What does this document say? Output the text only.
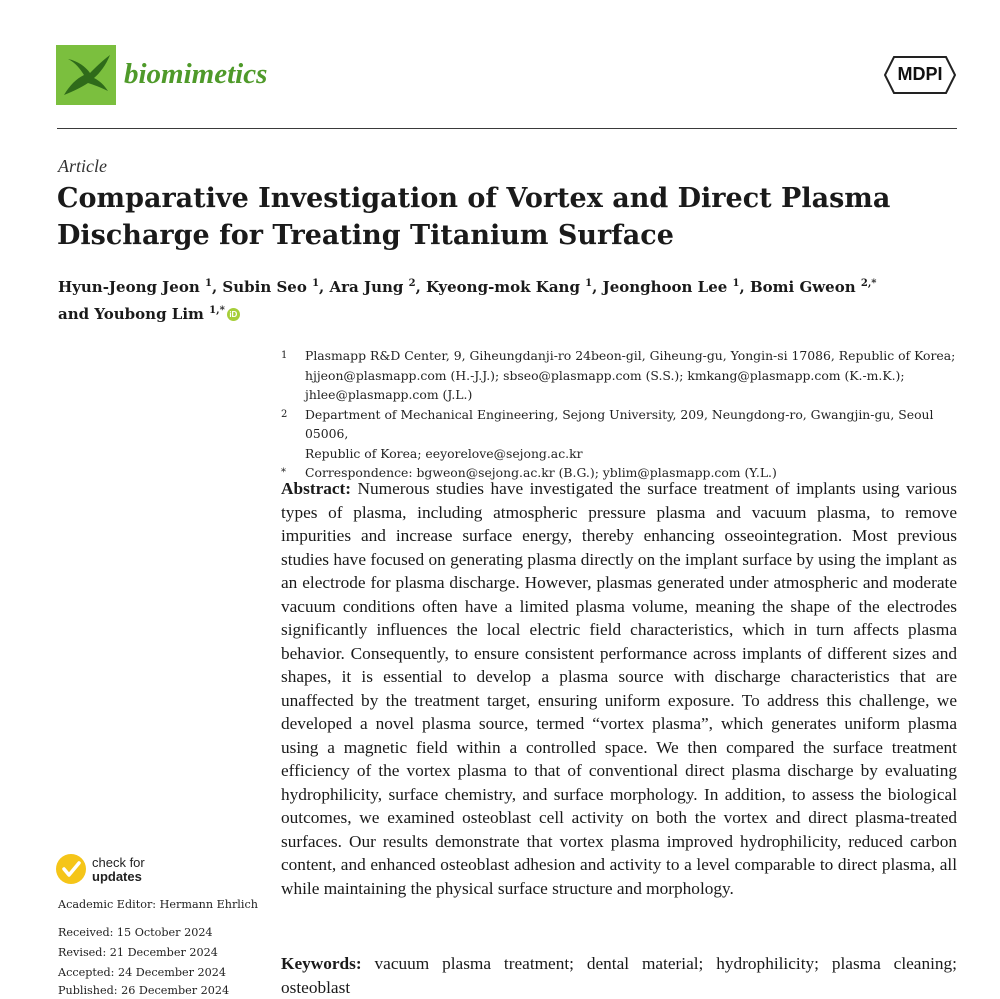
biomimetics	MDPI
Article
Comparative Investigation of Vortex and Direct Plasma Discharge for Treating Titanium Surface
Hyun-Jeong Jeon $^1$, Subin Seo $^1$, Ara Jung $^2$, Kyeong-mok Kang $^1$, Jeonghoon Lee $^1$, Bomi Gweon $^{2,*}$
and Youbong Lim $^{1,*}$ iD
1 Plasmapp R&D Center, 9, Giheungdanji-ro 24beon-gil, Giheung-gu, Yongin-si 17086, Republic of Korea;
hjjeon@plasmapp.com (H.-J.J.); sbseo@plasmapp.com (S.S.); kmkang@plasmapp.com (K.-m.K.);
jhlee@plasmapp.com (J.L.)
2 Department of Mechanical Engineering, Sejong University, 209, Neungdong-ro, Gwangjin-gu, Seoul 05006,
Republic of Korea; eeyorelove@sejong.ac.kr
* Correspondence: bgweon@sejong.ac.kr (B.G.); yblim@plasmapp.com (Y.L.)
Abstract: Numerous studies have investigated the surface treatment of implants using various types of plasma, including atmospheric pressure plasma and vacuum plasma, to remove impurities and increase surface energy, thereby enhancing osseointegration. Most previous studies have focused on generating plasma directly on the implant surface by using the implant as an electrode for plasma discharge. However, plasmas generated under atmospheric and moderate vacuum conditions often have a limited plasma volume, meaning the shape of the electrodes significantly influences the local electric field characteristics, which in turn affects plasma behavior. Consequently, to ensure consistent performance across implants of different sizes and shapes, it is essential to develop a plasma source with discharge characteristics that are unaffected by the treatment target, ensuring uniform exposure. To address this challenge, we developed a novel plasma source, termed “vortex plasma”, which generates uniform plasma using a magnetic field within a controlled space. We then compared the surface treatment efficiency of the vortex plasma to that of conventional direct plasma discharge by evaluating hydrophilicity, surface chemistry, and surface morphology. In addition, to assess the biological outcomes, we examined osteoblast cell activity on both the vortex and direct plasma-treated surfaces. Our results demonstrate that vortex plasma improved hydrophilicity, reduced carbon content, and enhanced osteoblast adhesion and activity to a level comparable to direct plasma, all while maintaining the physical surface structure and morphology.
Keywords: vacuum plasma treatment; dental material; hydrophilicity; plasma cleaning; osteoblast
check for
updates
Academic Editor: Hermann Ehrlich
Received: 15 October 2024
Revised: 21 December 2024
Accepted: 24 December 2024
Published: 26 December 2024
